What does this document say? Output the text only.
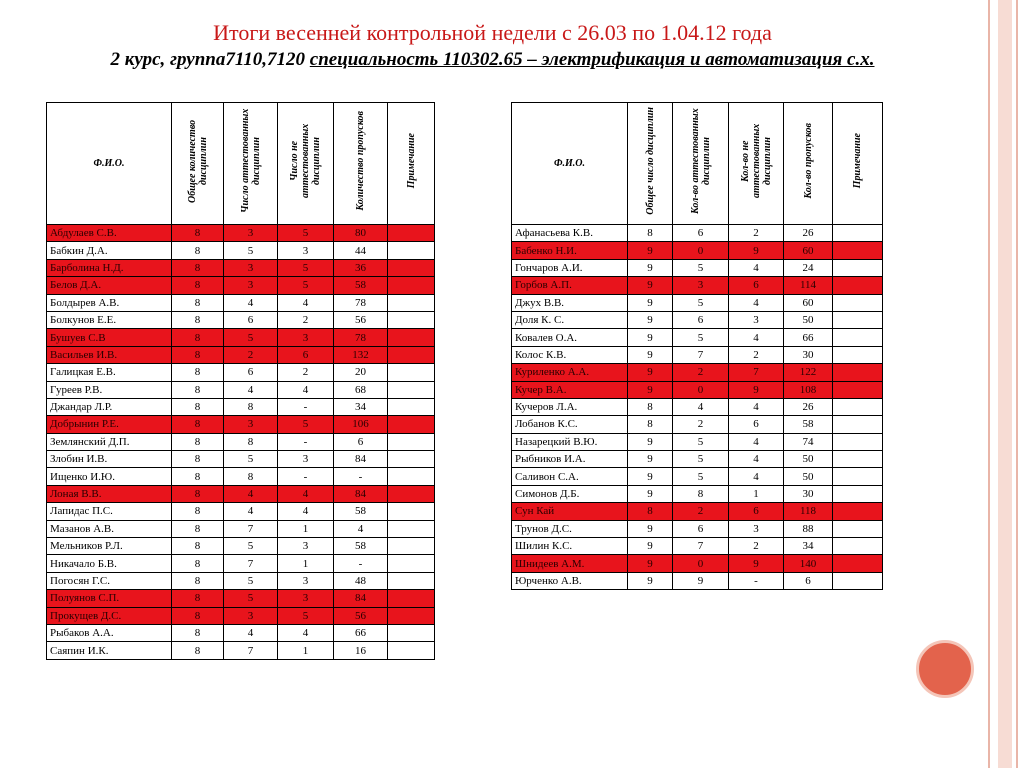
Итоги весенней контрольной недели с 26.03 по 1.04.12 года
2 курс, группа7110,7120 специальность 110302.65 – электрификация и автоматизация с.х.
Ф.И.О.	Общее количество дисциплин	Число аттестованных дисциплин	Число не аттестованных дисциплин	Количество пропусков	Примечание
Абдулаев С.В.	8	3	5	80	
Бабкин Д.А.	8	5	3	44	
Барболина Н.Д.	8	3	5	36	
Белов Д.А.	8	3	5	58	
Болдырев А.В.	8	4	4	78	
Болкунов Е.Е.	8	6	2	56	
Бушуев С.В	8	5	3	78	
Васильев И.В.	8	2	6	132	
Галицкая Е.В.	8	6	2	20	
Гуреев Р.В.	8	4	4	68	
Джандар Л.Р.	8	8	-	34	
Добрынин Р.Е.	8	3	5	106	
Землянский Д.П.	8	8	-	6	
Злобин И.В.	8	5	3	84	
Ищенко И.Ю.	8	8	-	-	
Лоная В.В.	8	4	4	84	
Лапидас П.С.	8	4	4	58	
Мазанов А.В.	8	7	1	4	
Мельников Р.Л.	8	5	3	58	
Никачало Б.В.	8	7	1	-	
Погосян Г.С.	8	5	3	48	
Полуянов С.П.	8	5	3	84	
Прокущев Д.С.	8	3	5	56	
Рыбаков А.А.	8	4	4	66	
Саяпин И.К.	8	7	1	16	
Ф.И.О.	Общее число дисциплин	Кол-во аттестованных дисциплин	Кол-во не аттестованных дисциплин	Кол-во пропусков	Примечание
Афанасьева К.В.	8	6	2	26	
Бабенко Н.И.	9	0	9	60	
Гончаров А.И.	9	5	4	24	
Горбов А.П.	9	3	6	114	
Джух В.В.	9	5	4	60	
Доля К. С.	9	6	3	50	
Ковалев О.А.	9	5	4	66	
Колос К.В.	9	7	2	30	
Куриленко А.А.	9	2	7	122	
Кучер В.А.	9	0	9	108	
Кучеров Л.А.	8	4	4	26	
Лобанов К.С.	8	2	6	58	
Назарецкий В.Ю.	9	5	4	74	
Рыбников И.А.	9	5	4	50	
Саливон С.А.	9	5	4	50	
Симонов Д.Б.	9	8	1	30	
Сун Кай	8	2	6	118	
Трунов Д.С.	9	6	3	88	
Шилин К.С.	9	7	2	34	
Шнидеев А.М.	9	0	9	140	
Юрченко А.В.	9	9	-	6	
